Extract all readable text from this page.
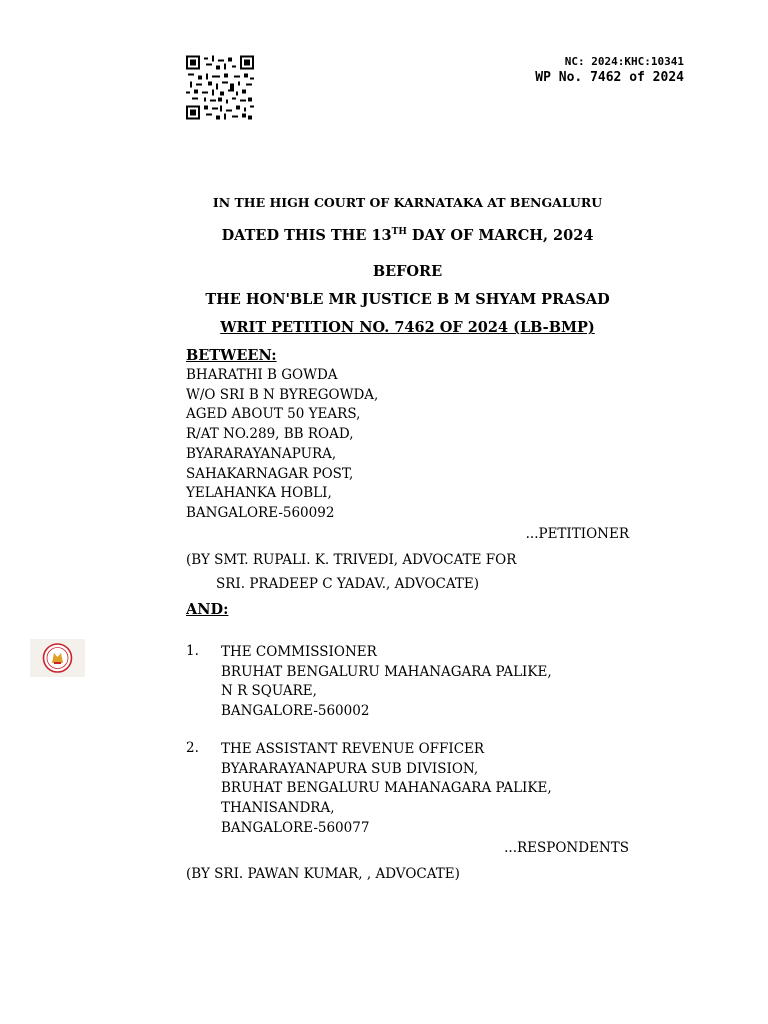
NC: 2024:KHC:10341
WP No. 7462 of 2024
IN THE HIGH COURT OF KARNATAKA AT BENGALURU
DATED THIS THE 13TH DAY OF MARCH, 2024
BEFORE
THE HON'BLE MR JUSTICE B M SHYAM PRASAD
WRIT PETITION NO. 7462 OF 2024 (LB-BMP)
BETWEEN:
BHARATHI B GOWDA
W/O SRI B N BYREGOWDA,
AGED ABOUT 50 YEARS,
R/AT NO.289, BB ROAD,
BYARARAYANAPURA,
SAHAKARNAGAR POST,
YELAHANKA HOBLI,
BANGALORE-560092
...PETITIONER
(BY SMT. RUPALI. K. TRIVEDI, ADVOCATE FOR
SRI. PRADEEP C YADAV., ADVOCATE)
AND:
1. THE COMMISSIONER
BRUHAT BENGALURU MAHANAGARA PALIKE,
N R SQUARE,
BANGALORE-560002
2. THE ASSISTANT REVENUE OFFICER
BYARARAYANAPURA SUB DIVISION,
BRUHAT BENGALURU MAHANAGARA PALIKE,
THANISANDRA,
BANGALORE-560077
...RESPONDENTS
(BY SRI. PAWAN KUMAR, , ADVOCATE)
